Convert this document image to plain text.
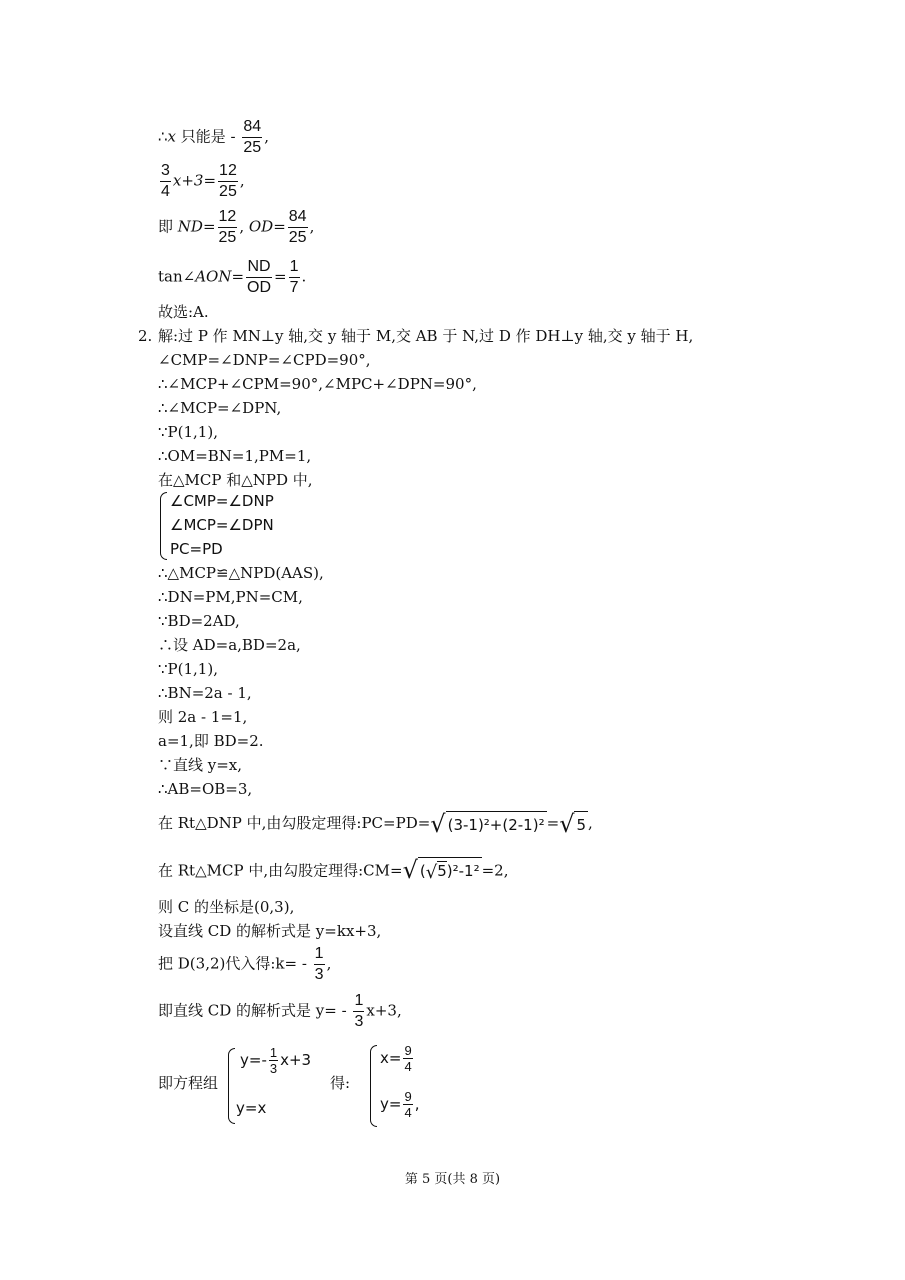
∴x 只能是 - $\frac{84}{25}$ ,
$\frac{3}{4} x+3= \frac{12}{25}$ ,
即 $ND= \frac{12}{25}$ , $OD= \frac{84}{25}$ ,
tan∠AON= $\frac{ND}{OD} = \frac{1}{7}$ .
故选:A.
2. 解:过 P 作 MN⊥y 轴,交 y 轴于 M,交 AB 于 N,过 D 作 DH⊥y 轴,交 y 轴于 H,
∠CMP=∠DNP=∠CPD=90°,
∴∠MCP+∠CPM=90°,∠MPC+∠DPN=90°,
∴∠MCP=∠DPN,
∵P(1,1),
∴OM=BN=1,PM=1,
在△MCP 和△NPD 中,
∠CMP=∠DNP
∠MCP=∠DPN
PC=PD
∴△MCP≌△NPD(AAS),
∴DN=PM,PN=CM,
∵BD=2AD,
∴设 AD=a,BD=2a,
∵P(1,1),
∴BN=2a - 1,
则 2a - 1=1,
a=1,即 BD=2.
∵直线 y=x,
∴AB=OB=3,
在 Rt△DNP 中,由勾股定理得:PC=PD=√ (3-1)²+(2-1)² =√ 5 ,
在 Rt△MCP 中,由勾股定理得:CM=√ (√5)²-1² =2,
则 C 的坐标是(0,3),
设直线 CD 的解析式是 y=kx+3,
把 D(3,2)代入得:k= - $\frac{1}{3}$ ,
即直线 CD 的解析式是 $y= - \frac{1}{3} x+3$,
即方程组
$y=- \frac{1}{3} x+3$
y=x
得:
$x= \frac{9}{4}$
$y= \frac{9}{4}$ ,
第 5 页(共 8 页)
